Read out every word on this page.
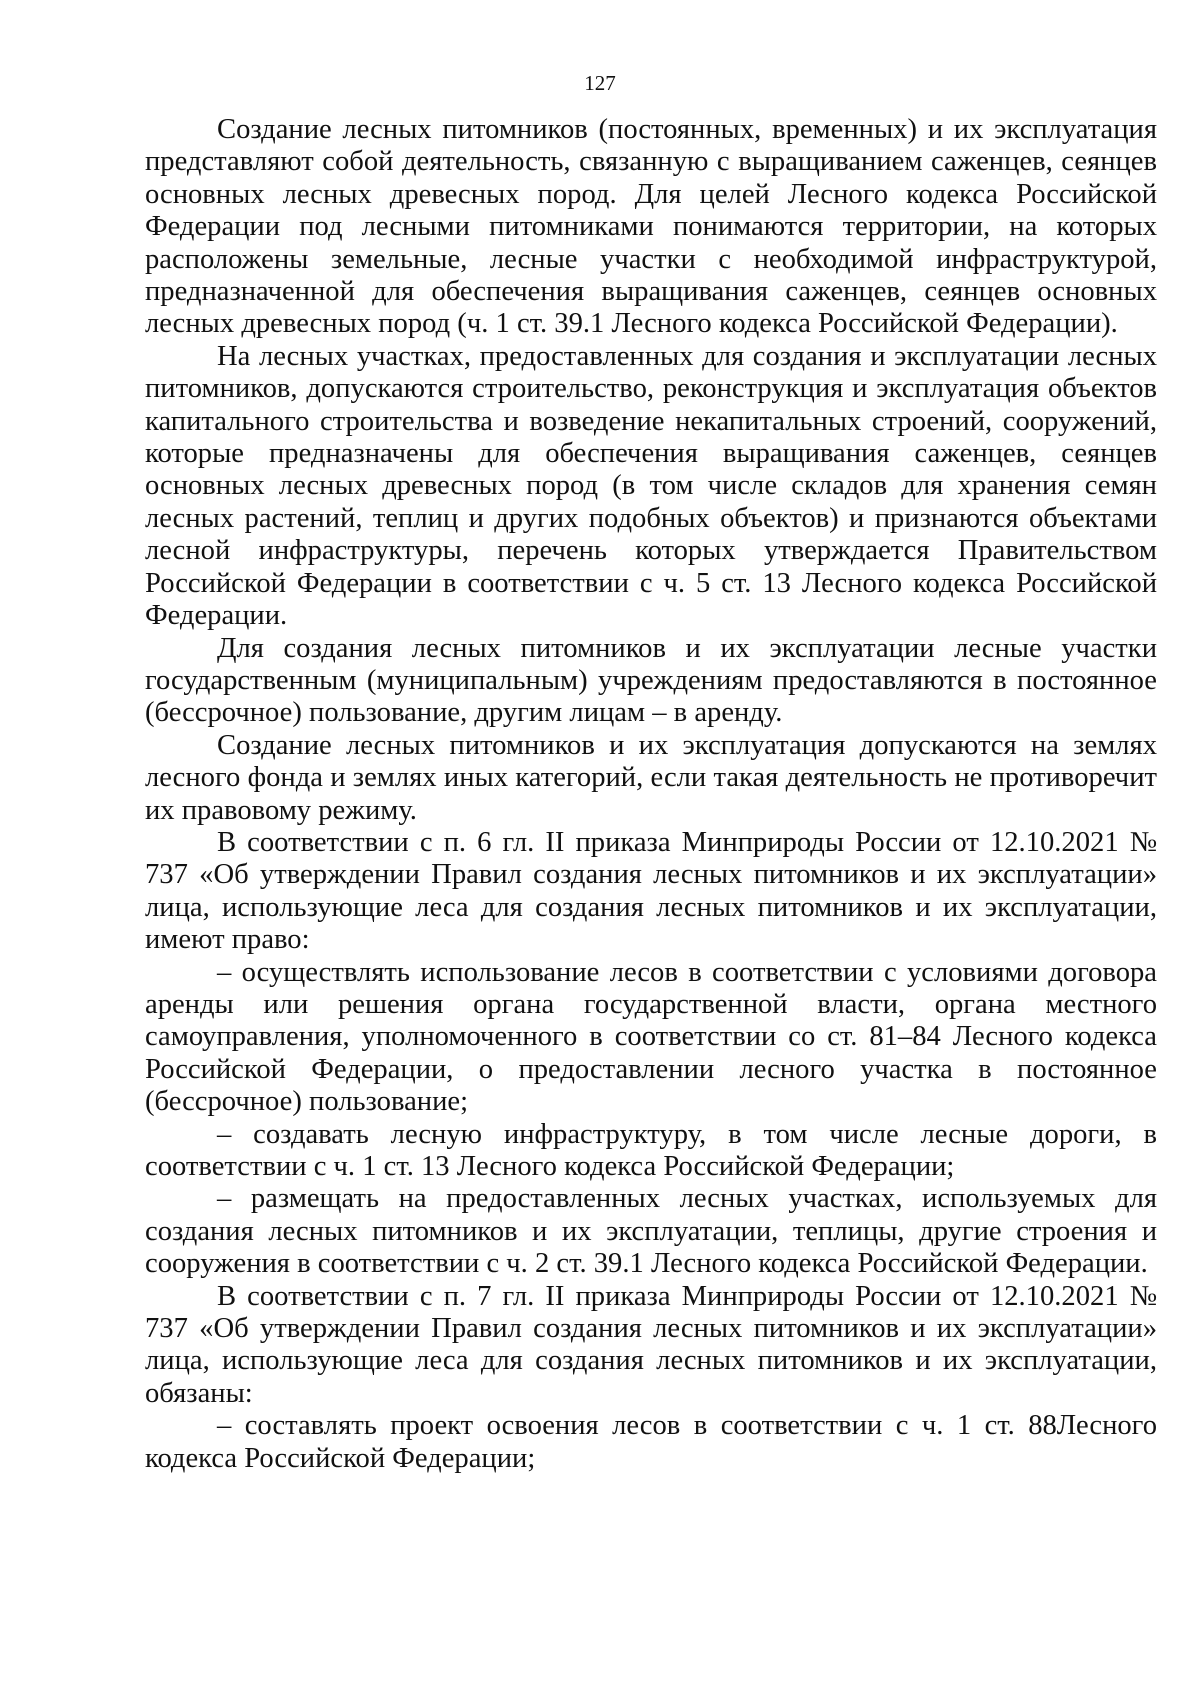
127

Создание лесных питомников (постоянных, временных) и их эксплуатация представляют собой деятельность, связанную с выращиванием саженцев, сеянцев основных лесных древесных пород. Для целей Лесного кодекса Российской Федерации под лесными питомниками понимаются территории, на которых расположены земельные, лесные участки с необходимой инфраструктурой, предназначенной для обеспечения выращивания саженцев, сеянцев основных лесных древесных пород (ч. 1 ст. 39.1 Лесного кодекса Российской Федерации).

На лесных участках, предоставленных для создания и эксплуатации лесных питомников, допускаются строительство, реконструкция и эксплуатация объектов капитального строительства и возведение некапитальных строений, сооружений, которые предназначены для обеспечения выращивания саженцев, сеянцев основных лесных древесных пород (в том числе складов для хранения семян лесных растений, теплиц и других подобных объектов) и признаются объектами лесной инфраструктуры, перечень которых утверждается Правительством Российской Федерации в соответствии с ч. 5 ст. 13 Лесного кодекса Российской Федерации.

Для создания лесных питомников и их эксплуатации лесные участки государственным (муниципальным) учреждениям предоставляются в постоянное (бессрочное) пользование, другим лицам – в аренду.

Создание лесных питомников и их эксплуатация допускаются на землях лесного фонда и землях иных категорий, если такая деятельность не противоречит их правовому режиму.

В соответствии с п. 6 гл. II приказа Минприроды России от 12.10.2021 № 737 «Об утверждении Правил создания лесных питомников и их эксплуатации» лица, использующие леса для создания лесных питомников и их эксплуатации, имеют право:

– осуществлять использование лесов в соответствии с условиями договора аренды или решения органа государственной власти, органа местного самоуправления, уполномоченного в соответствии со ст. 81–84 Лесного кодекса Российской Федерации, о предоставлении лесного участка в постоянное (бессрочное) пользование;

– создавать лесную инфраструктуру, в том числе лесные дороги, в соответствии с ч. 1 ст. 13 Лесного кодекса Российской Федерации;

– размещать на предоставленных лесных участках, используемых для создания лесных питомников и их эксплуатации, теплицы, другие строения и сооружения в соответствии с ч. 2 ст. 39.1 Лесного кодекса Российской Федерации.

В соответствии с п. 7 гл. II приказа Минприроды России от 12.10.2021 № 737 «Об утверждении Правил создания лесных питомников и их эксплуатации» лица, использующие леса для создания лесных питомников и их эксплуатации, обязаны:

– составлять проект освоения лесов в соответствии с ч. 1 ст. 88Лесного кодекса Российской Федерации;
